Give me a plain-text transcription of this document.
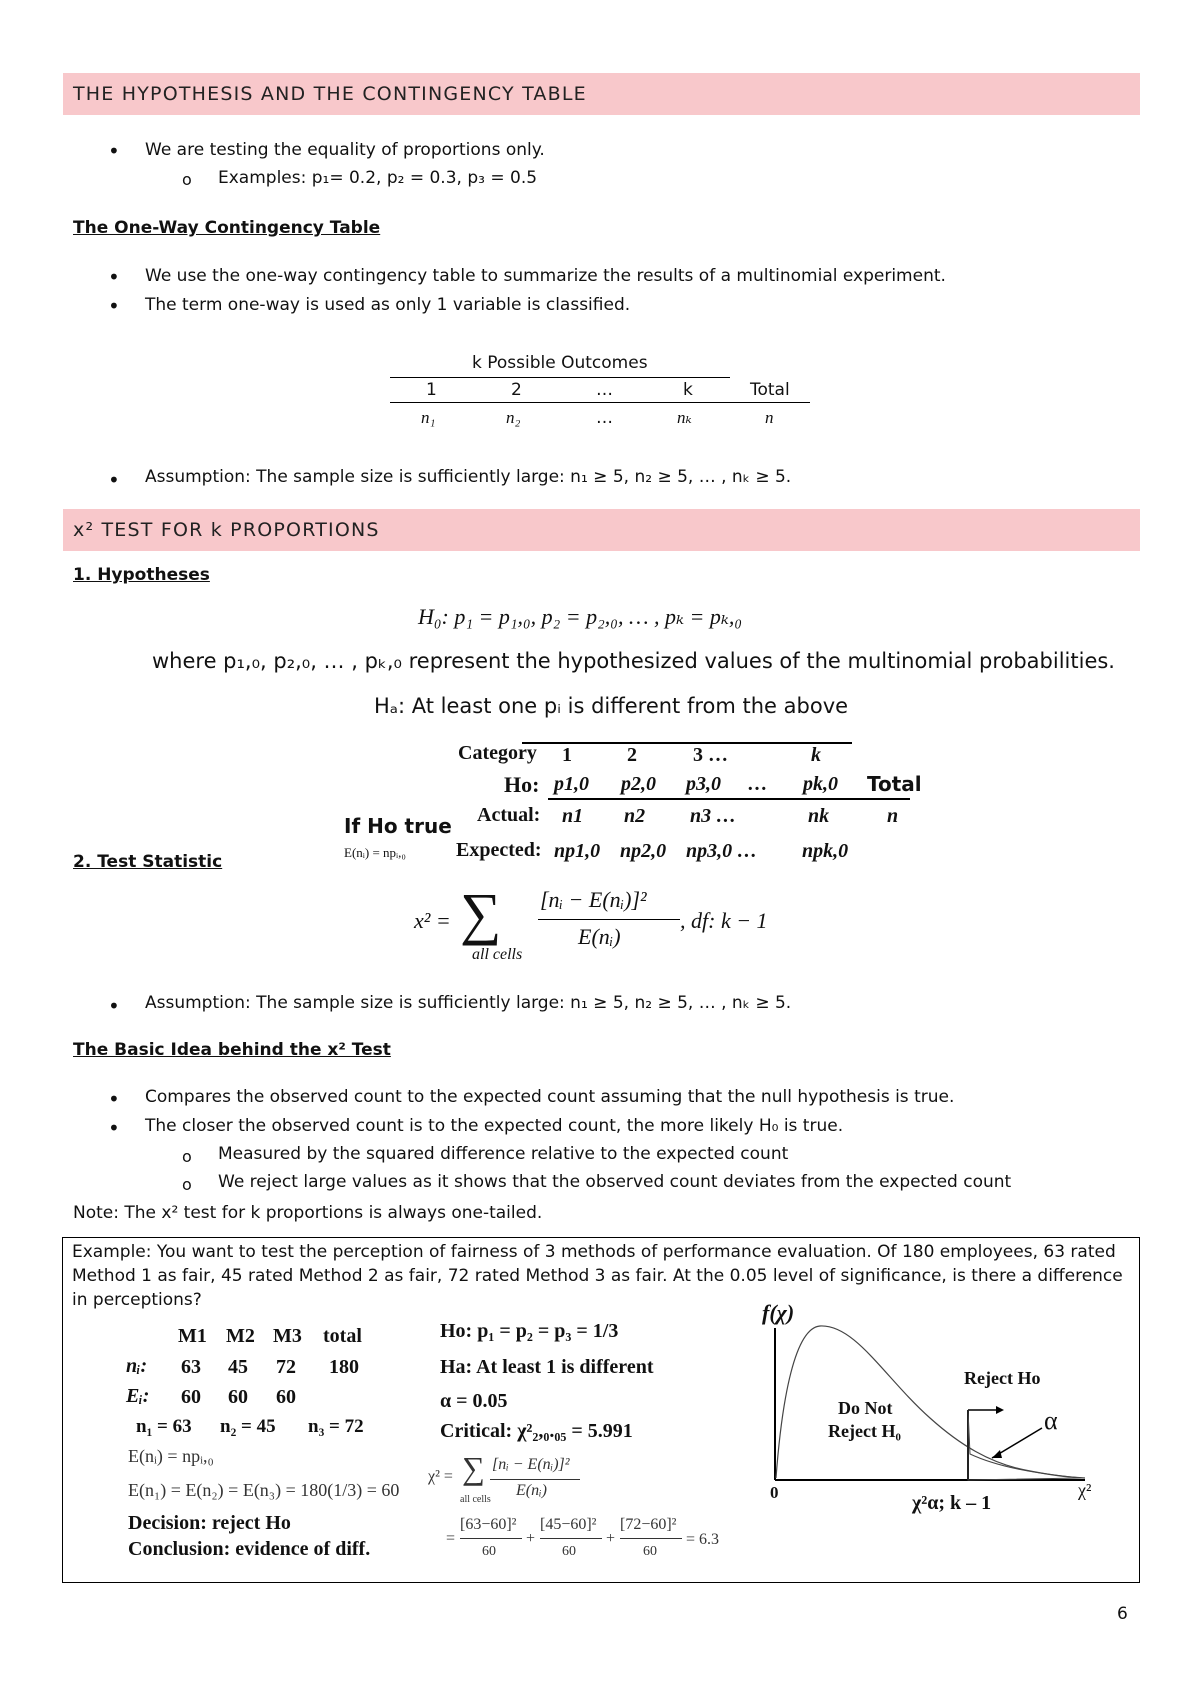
THE HYPOTHESIS AND THE CONTINGENCY TABLE
• We are testing the equality of proportions only.
o Examples: p₁= 0.2, p₂ = 0.3, p₃ = 0.5
The One-Way Contingency Table
• We use the one-way contingency table to summarize the results of a multinomial experiment.
• The term one-way is used as only 1 variable is classified.
k Possible Outcomes
1	2	…	k	Total
n₁	n₂	…	nₖ	n
• Assumption: The sample size is sufficiently large: n₁ ≥ 5, n₂ ≥ 5, … , nₖ ≥ 5.
x² TEST FOR k PROPORTIONS
1. Hypotheses
H₀: p₁ = p₁,₀, p₂ = p₂,₀, … , pₖ = pₖ,₀
where p₁,₀, p₂,₀, … , pₖ,₀ represent the hypothesized values of the multinomial probabilities.
Hₐ: At least one pᵢ is different from the above
Category 1	2	3 …	k
Ho: p1,0 p2,0 p3,0 … pk,0 Total
Actual: n1 n2 n3 …	nk	n
If Ho true
E(nᵢ) = npᵢ,₀	Expected: np1,0 np2,0 np3,0 … npk,0
2. Test Statistic
x² = ∑
all cells
[nᵢ − E(nᵢ)]²
E(nᵢ)
, df: k − 1
• Assumption: The sample size is sufficiently large: n₁ ≥ 5, n₂ ≥ 5, … , nₖ ≥ 5.
The Basic Idea behind the x² Test
• Compares the observed count to the expected count assuming that the null hypothesis is true.
• The closer the observed count is to the expected count, the more likely H₀ is true.
o Measured by the squared difference relative to the expected count
o We reject large values as it shows that the observed count deviates from the expected count
Note: The x² test for k proportions is always one-tailed.
Example: You want to test the perception of fairness of 3 methods of performance evaluation. Of 180 employees, 63 rated Method 1 as fair, 45 rated Method 2 as fair, 72 rated Method 3 as fair. At the 0.05 level of significance, is there a difference in perceptions?
M1 M2 M3 total
nᵢ: 63 45 72 180
Eᵢ: 60 60 60
n₁ = 63 n₂ = 45 n₃ = 72
E(nᵢ) = npᵢ,₀
E(n₁) = E(n₂) = E(n₃) = 180(1/3) = 60
Decision: reject Ho
Conclusion: evidence of diff.
Ho: p₁ = p₂ = p₃ = 1/3
Ha: At least 1 is different
α = 0.05
Critical: χ²₂,₀.₀₅ = 5.991
χ² = ∑
all cells
[nᵢ − E(nᵢ)]²
E(nᵢ)
=
[63−60]²
60
+
[45−60]²
60
+
[72−60]²
60
= 6.3
f(χ)
0	χ²
Do Not
Reject H₀
Reject Ho
α
χ²α; k – 1
6
